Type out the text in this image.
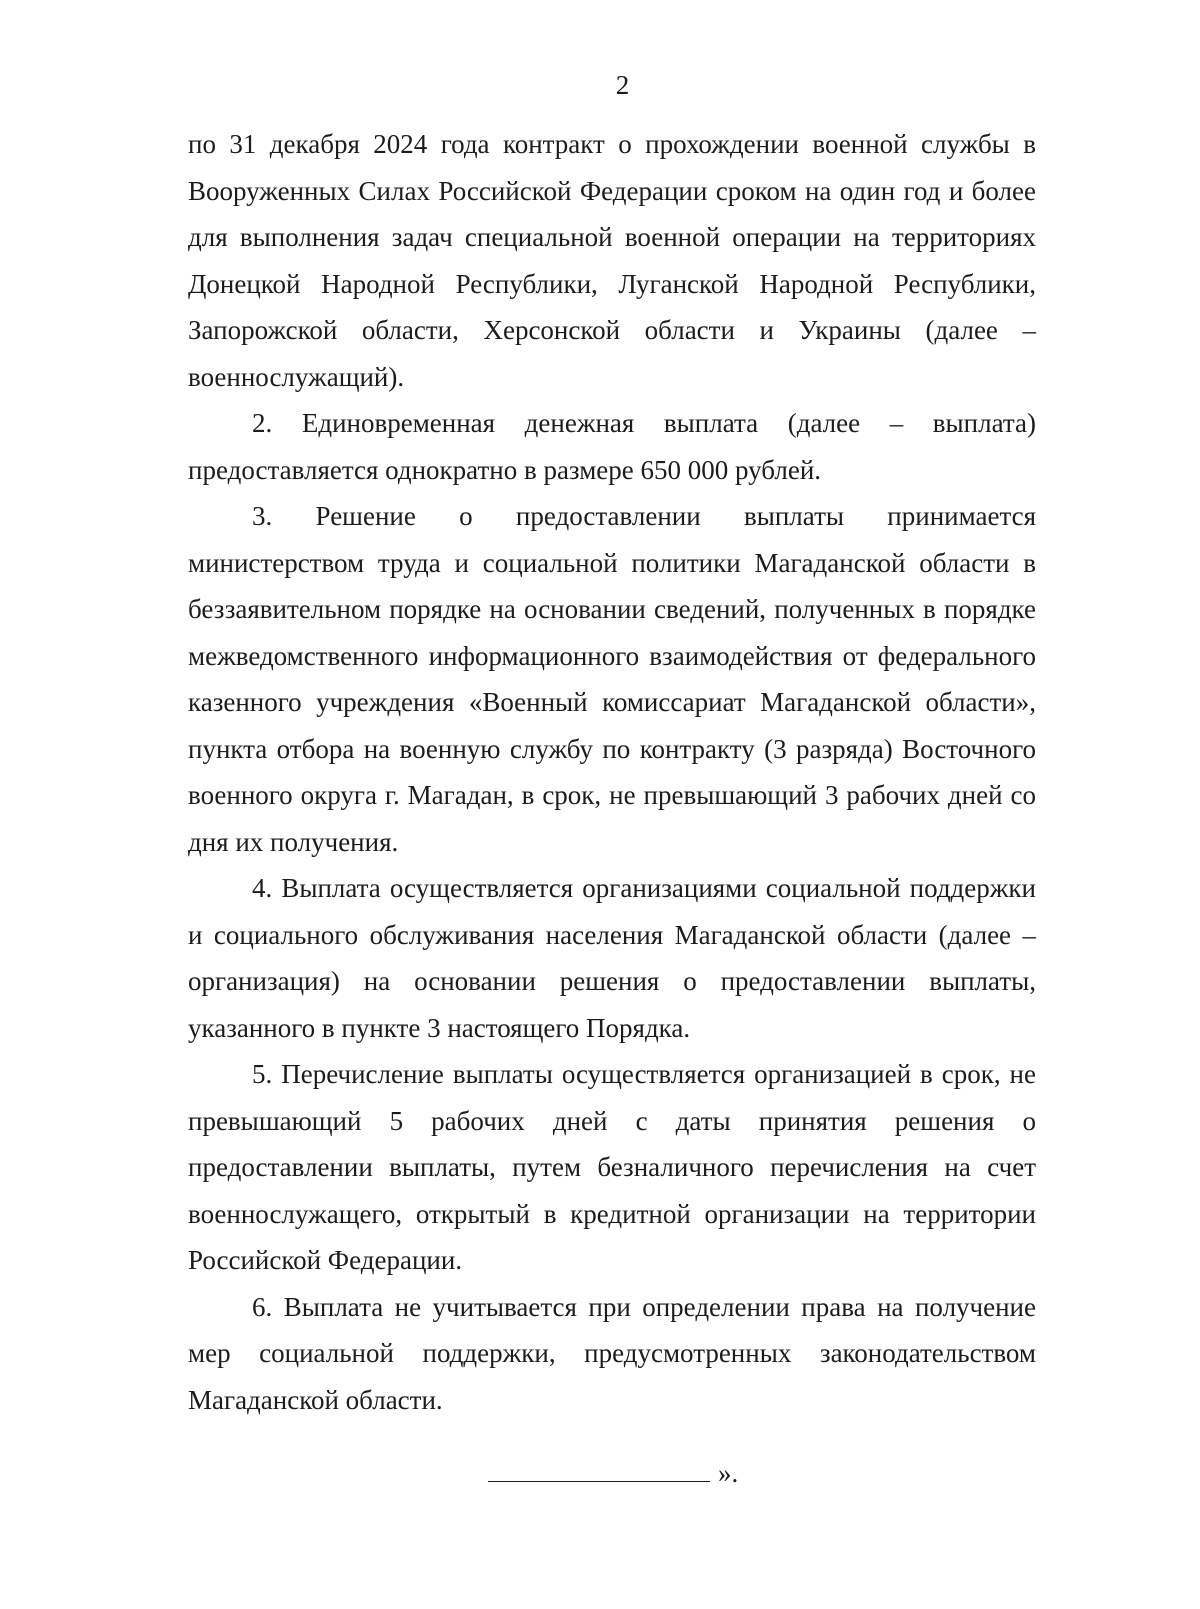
2

по 31 декабря 2024 года контракт о прохождении военной службы в Вооруженных Силах Российской Федерации сроком на один год и более для выполнения задач специальной военной операции на территориях Донецкой Народной Республики, Луганской Народной Республики, Запорожской области, Херсонской области и Украины (далее – военнослужащий).

2. Единовременная денежная выплата (далее – выплата) предоставляется однократно в размере 650 000 рублей.

3. Решение о предоставлении выплаты принимается министерством труда и социальной политики Магаданской области в беззаявительном порядке на основании сведений, полученных в порядке межведомственного информационного взаимодействия от федерального казенного учреждения «Военный комиссариат Магаданской области», пункта отбора на военную службу по контракту (3 разряда) Восточного военного округа г. Магадан, в срок, не превышающий 3 рабочих дней со дня их получения.

4. Выплата осуществляется организациями социальной поддержки и социального обслуживания населения Магаданской области (далее – организация) на основании решения о предоставлении выплаты, указанного в пункте 3 настоящего Порядка.

5. Перечисление выплаты осуществляется организацией в срок, не превышающий 5 рабочих дней с даты принятия решения о предоставлении выплаты, путем безналичного перечисления на счет военнослужащего, открытый в кредитной организации на территории Российской Федерации.

6. Выплата не учитывается при определении права на получение мер социальной поддержки, предусмотренных законодательством Магаданской области.

».
